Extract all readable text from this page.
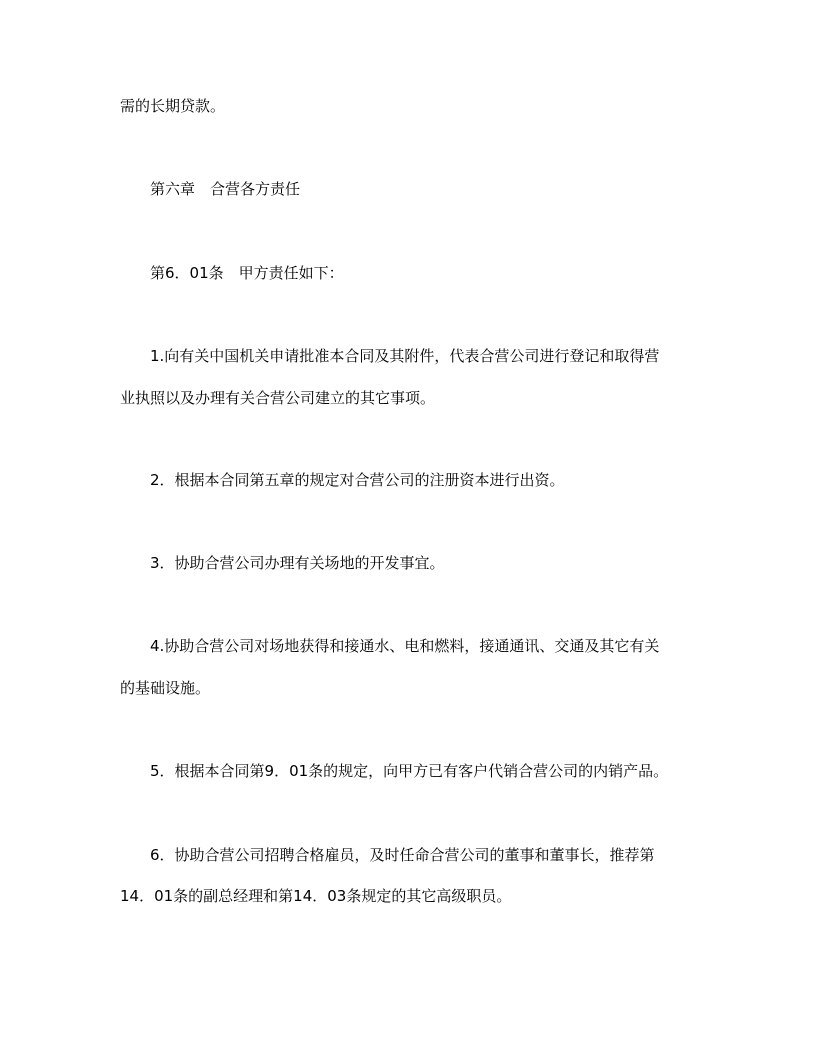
需的长期贷款。
第六章 合营各方责任
第6．01条 甲方责任如下：
1.向有关中国机关申请批准本合同及其附件，代表合营公司进行登记和取得营
业执照以及办理有关合营公司建立的其它事项。
2．根据本合同第五章的规定对合营公司的注册资本进行出资。
3．协助合营公司办理有关场地的开发事宜。
4.协助合营公司对场地获得和接通水、电和燃料，接通通讯、交通及其它有关
的基础设施。
5．根据本合同第9．01条的规定，向甲方已有客户代销合营公司的内销产品。
6．协助合营公司招聘合格雇员，及时任命合营公司的董事和董事长，推荐第
14．01条的副总经理和第14．03条规定的其它高级职员。
